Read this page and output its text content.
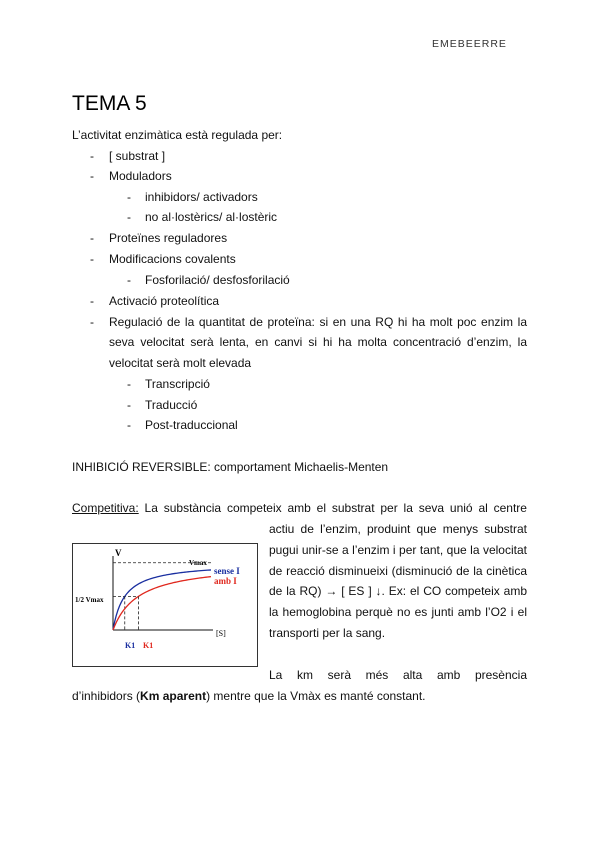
EMEBEERRE
TEMA 5
L’activitat enzimàtica està regulada per:
- [ substrat ]
- Moduladors
- inhibidors/ activadors
- no al·lostèrics/ al·lostèric
- Proteïnes reguladores
- Modificacions covalents
- Fosforilació/ desfosforilació
- Activació proteolítica
- Regulació de la quantitat de proteïna: si en una RQ hi ha molt poc enzim la
seva velocitat serà lenta, en canvi si hi ha molta concentració d’enzim, la
velocitat serà molt elevada
- Transcripció
- Traducció
- Post-traduccional
INHIBICIÓ REVERSIBLE: comportament Michaelis-Menten
Competitiva: La substància competeix amb el substrat per la seva unió al centre
actiu de l’enzim, produint que menys substrat
pugui unir-se a l’enzim i per tant, que la velocitat
de reacció disminueixi (disminució de la cinètica
de la RQ) → [ ES ] ↓. Ex: el CO competeix amb
la hemoglobina perquè no es junti amb l’O2 i el
transporti per la sang.
La km serà més alta amb presència
d’inhibidors (Km aparent) mentre que la Vmàx es manté constant.
V
[S]
Vmax
1/2 Vmax
sense I
amb I
K1 K1
